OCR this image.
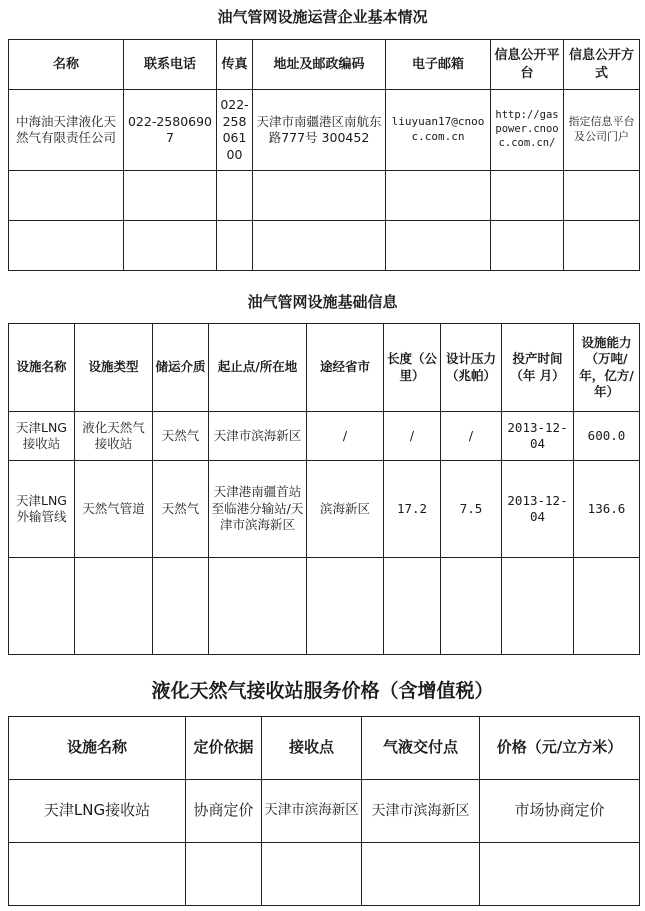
油气管网设施运营企业基本情况
名称	联系电话	传真	地址及邮政编码	电子邮箱	信息公开平台	信息公开方式
中海油天津液化天然气有限责任公司	022-25806907	022-25806100	天津市南疆港区南航东路777号 300452	liuyuan17@cnooc.com.cn	http://gaspower.cnooc.com.cn/	指定信息平台及公司门户

油气管网设施基础信息
设施名称	设施类型	储运介质	起止点/所在地	途经省市	长度（公里）	设计压力（兆帕）	投产时间（年 月）	设施能力（万吨/年，亿方/年）
天津LNG接收站	液化天然气接收站	天然气	天津市滨海新区	/	/	/	2013-12-04	600.0
天津LNG外输管线	天然气管道	天然气	天津港南疆首站至临港分输站/天津市滨海新区	滨海新区	17.2	7.5	2013-12-04	136.6

液化天然气接收站服务价格（含增值税）
设施名称	定价依据	接收点	气液交付点	价格（元/立方米）
天津LNG接收站	协商定价	天津市滨海新区	天津市滨海新区	市场协商定价
